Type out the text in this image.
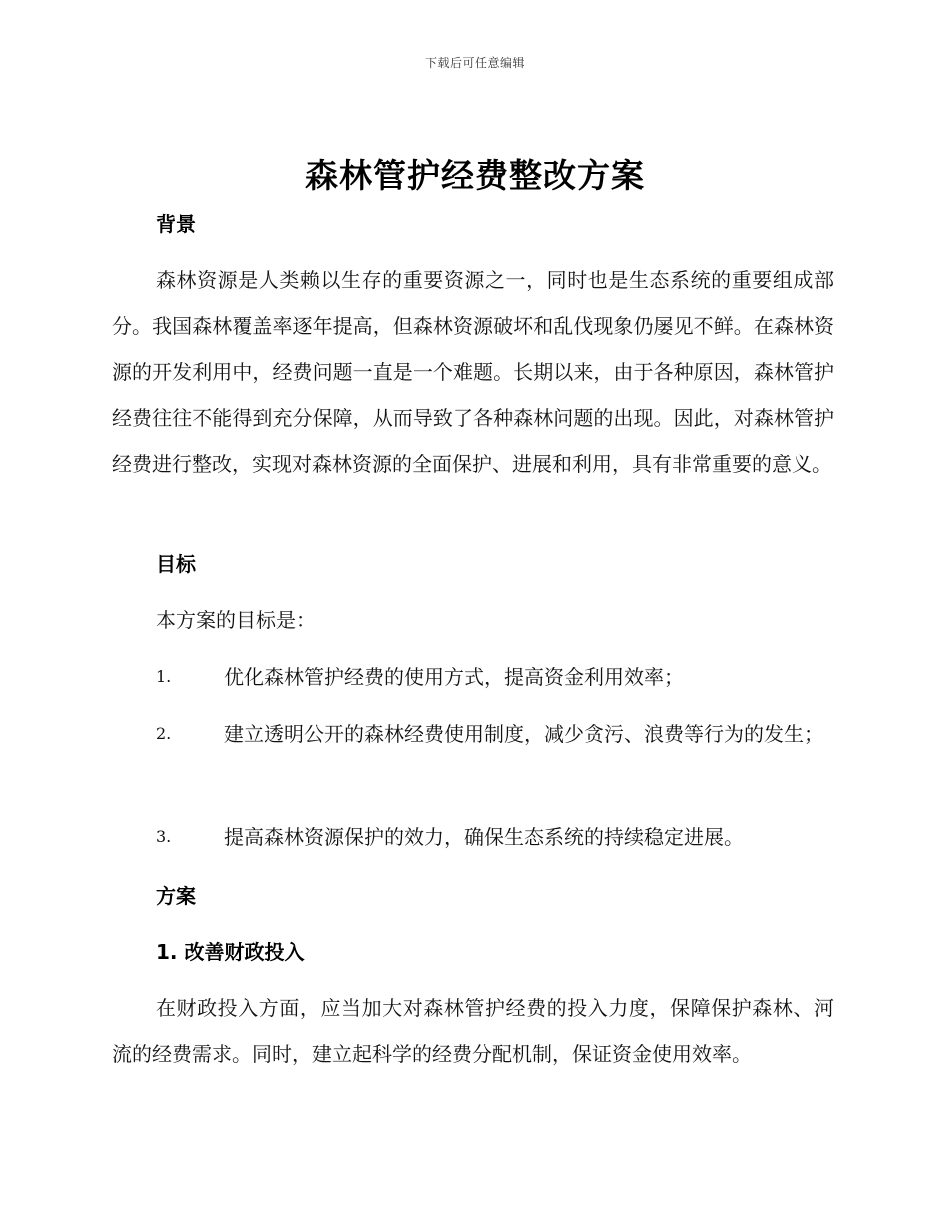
下载后可任意编辑
森林管护经费整改方案
背景
森林资源是人类赖以生存的重要资源之一，同时也是生态系统的重要组成部分。我国森林覆盖率逐年提高，但森林资源破坏和乱伐现象仍屡见不鲜。在森林资源的开发利用中，经费问题一直是一个难题。长期以来，由于各种原因，森林管护经费往往不能得到充分保障，从而导致了各种森林问题的出现。因此，对森林管护经费进行整改，实现对森林资源的全面保护、进展和利用，具有非常重要的意义。
目标
本方案的目标是：
1.	优化森林管护经费的使用方式，提高资金利用效率；
2.	建立透明公开的森林经费使用制度，减少贪污、浪费等行为的发生；
3.	提高森林资源保护的效力，确保生态系统的持续稳定进展。
方案
1. 改善财政投入
在财政投入方面，应当加大对森林管护经费的投入力度，保障保护森林、河流的经费需求。同时，建立起科学的经费分配机制，保证资金使用效率。
